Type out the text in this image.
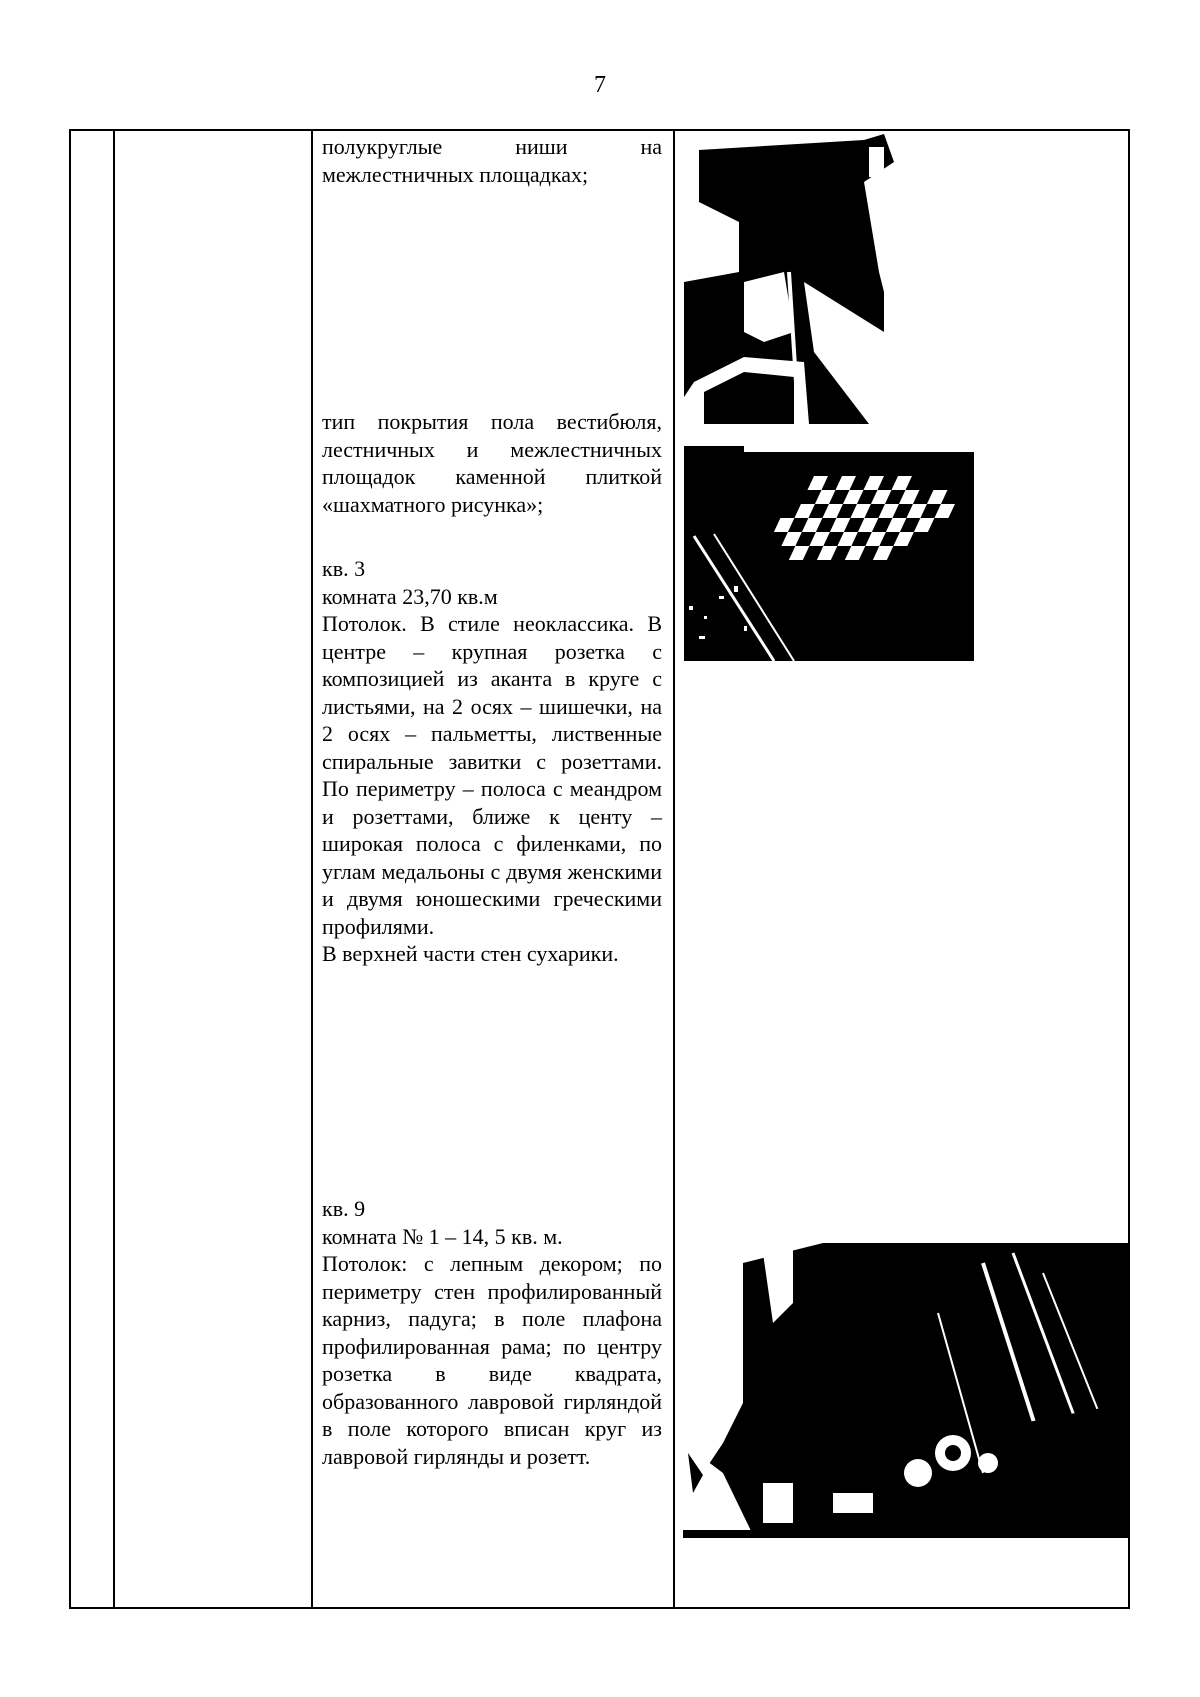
7
полукруглые ниши на межлестничных площадках;
тип покрытия пола вестибюля, лестничных и межлестничных площадок каменной плиткой «шахматного рисунка»;
кв. 3
комната 23,70 кв.м
Потолок. В стиле неоклассика. В центре – крупная розетка с композицией из аканта в круге с листьями, на 2 осях – шишечки, на 2 осях – пальметты, лиственные спиральные завитки с розеттами. По периметру – полоса с меандром и розеттами, ближе к центу – широкая полоса с филенками, по углам медальоны с двумя женскими и двумя юношескими греческими профилями.
В верхней части стен сухарики.
кв. 9
комната № 1 – 14, 5 кв. м.
Потолок: с лепным декором; по периметру стен профилированный карниз, падуга; в поле плафона профилированная рама; по центру розетка в виде квадрата, образованного лавровой гирляндой в поле которого вписан круг из лавровой гирлянды и розетт.
